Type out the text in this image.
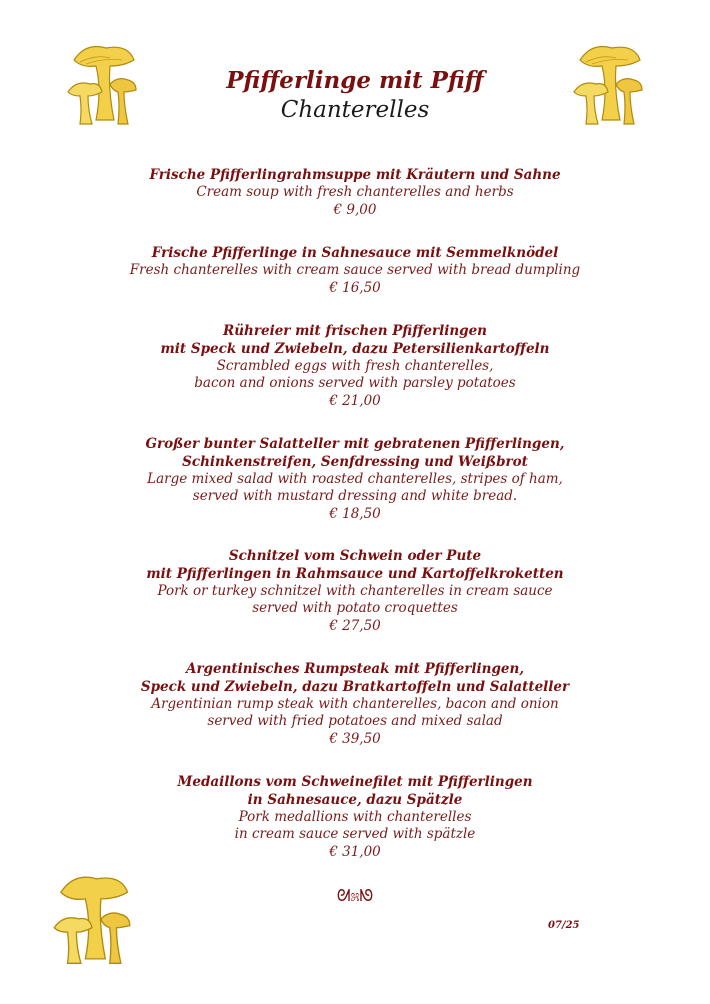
Pfifferlinge mit Pfiff
Chanterelles
Frische Pfifferlingrahmsuppe mit Kräutern und Sahne
Cream soup with fresh chanterelles and herbs
€ 9,00
Frische Pfifferlinge in Sahnesauce mit Semmelknödel
Fresh chanterelles with cream sauce served with bread dumpling
€ 16,50
Rühreier mit frischen Pfifferlingen
mit Speck und Zwiebeln, dazu Petersilienkartoffeln
Scrambled eggs with fresh chanterelles,
bacon and onions served with parsley potatoes
€ 21,00
Großer bunter Salatteller mit gebratenen Pfifferlingen,
Schinkenstreifen, Senfdressing und Weißbrot
Large mixed salad with roasted chanterelles, stripes of ham,
served with mustard dressing and white bread.
€ 18,50
Schnitzel vom Schwein oder Pute
mit Pfifferlingen in Rahmsauce und Kartoffelkroketten
Pork or turkey schnitzel with chanterelles in cream sauce
served with potato croquettes
€ 27,50
Argentinisches Rumpsteak mit Pfifferlingen,
Speck und Zwiebeln, dazu Bratkartoffeln und Salatteller
Argentinian rump steak with chanterelles, bacon and onion
served with fried potatoes and mixed salad
€ 39,50
Medaillons vom Schweinefilet mit Pfifferlingen
in Sahnesauce, dazu Spätzle
Pork medallions with chanterelles
in cream sauce served with spätzle
€ 31,00
ᘛ೫ᘚ
07/25
